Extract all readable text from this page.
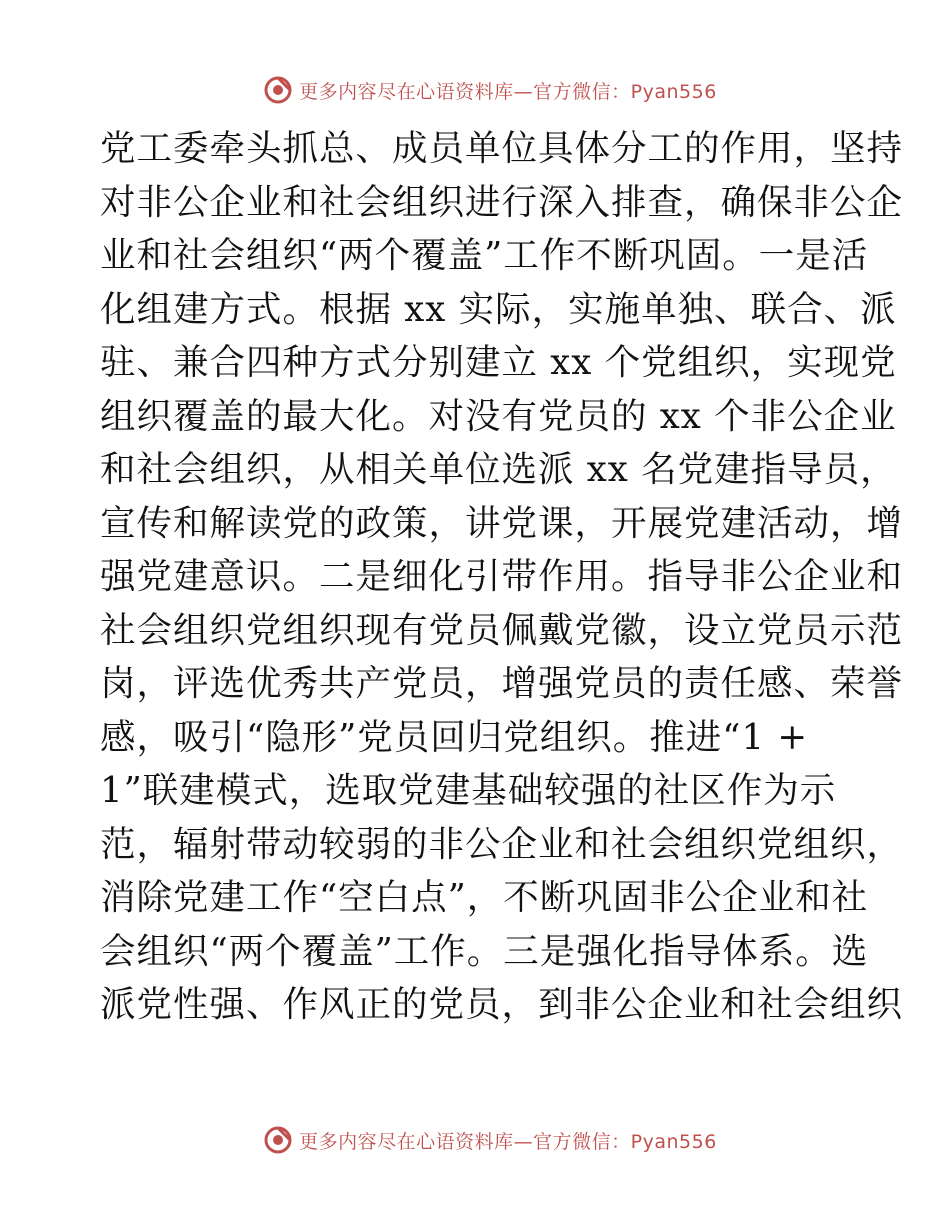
更多内容尽在心语资料库—官方微信：Pyan556
党工委牵头抓总、成员单位具体分工的作用，坚持
对非公企业和社会组织进行深入排查，确保非公企
业和社会组织“两个覆盖”工作不断巩固。一是活
化组建方式。根据 xx 实际，实施单独、联合、派
驻、兼合四种方式分别建立 xx 个党组织，实现党
组织覆盖的最大化。对没有党员的 xx 个非公企业
和社会组织，从相关单位选派 xx 名党建指导员，
宣传和解读党的政策，讲党课，开展党建活动，增
强党建意识。二是细化引带作用。指导非公企业和
社会组织党组织现有党员佩戴党徽，设立党员示范
岗，评选优秀共产党员，增强党员的责任感、荣誉
感，吸引“隐形”党员回归党组织。推进“1 +
1”联建模式，选取党建基础较强的社区作为示
范，辐射带动较弱的非公企业和社会组织党组织，
消除党建工作“空白点”，不断巩固非公企业和社
会组织“两个覆盖”工作。三是强化指导体系。选
派党性强、作风正的党员，到非公企业和社会组织
更多内容尽在心语资料库—官方微信：Pyan556
